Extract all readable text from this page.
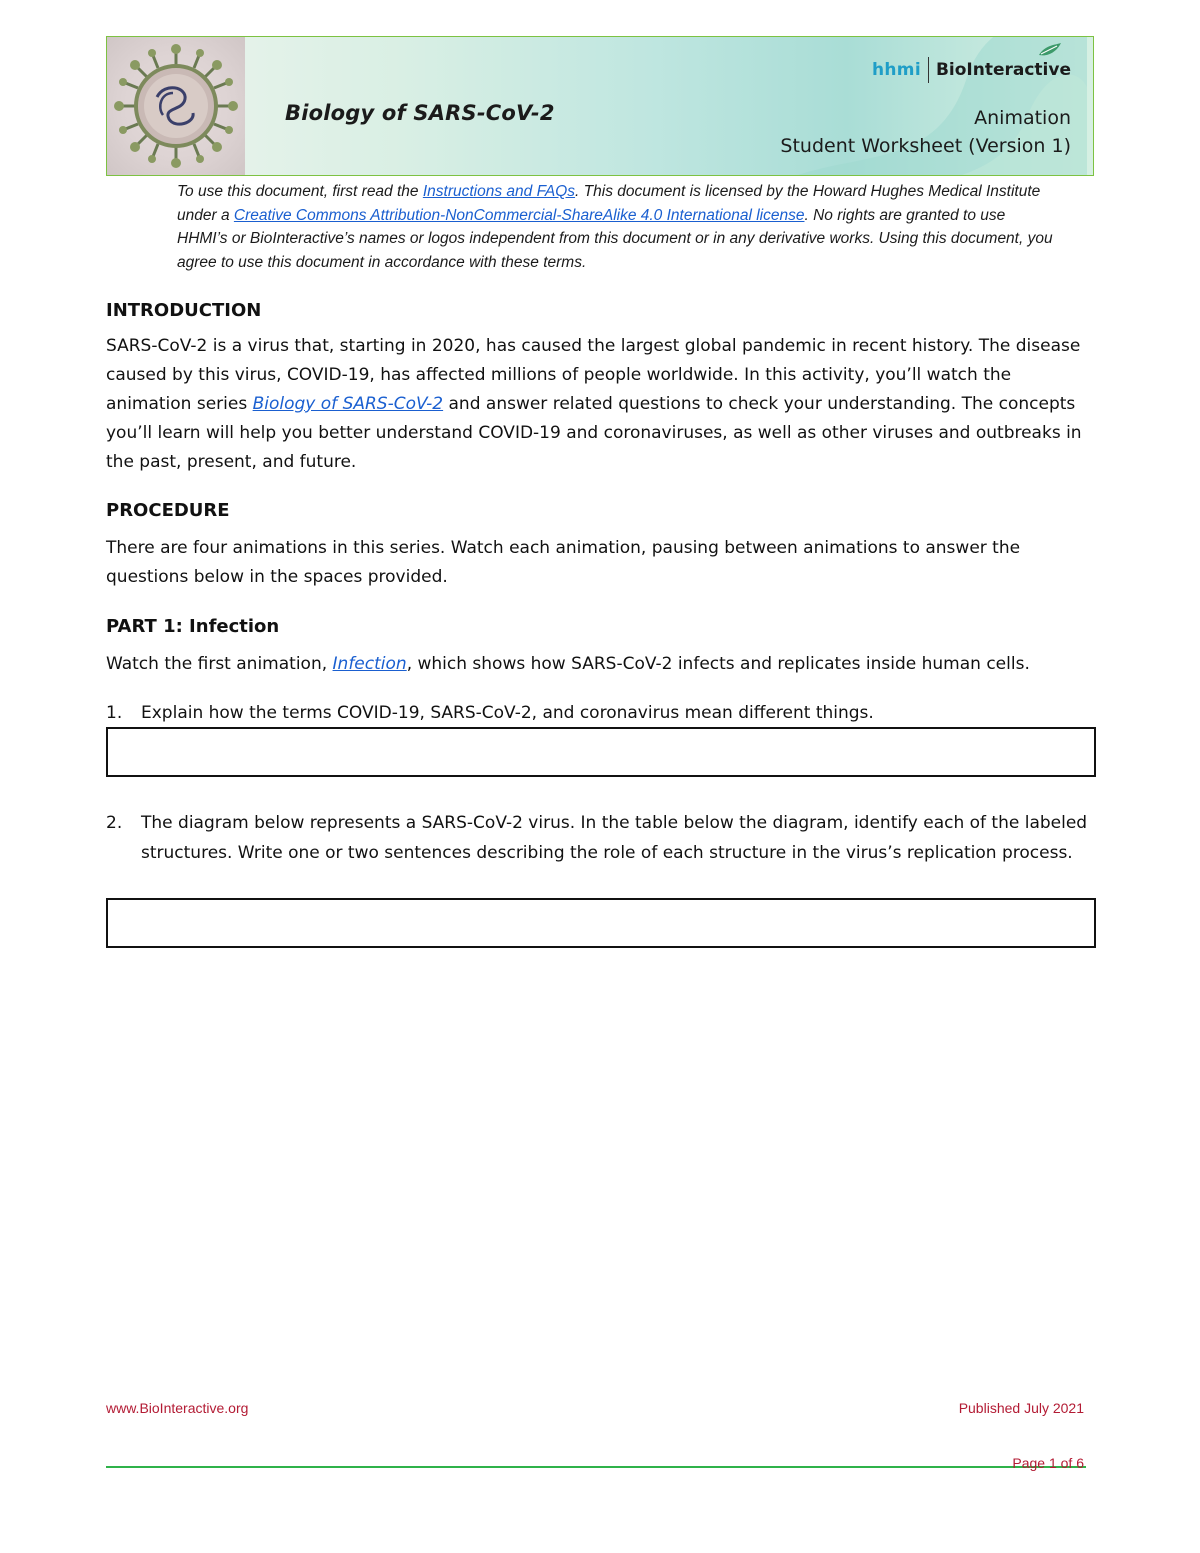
Biology of SARS-CoV-2
hhmi BioInteractive
Animation
Student Worksheet (Version 1)
To use this document, first read the Instructions and FAQs. This document is licensed by the Howard Hughes Medical Institute under a Creative Commons Attribution-NonCommercial-ShareAlike 4.0 International license. No rights are granted to use HHMI’s or BioInteractive’s names or logos independent from this document or in any derivative works. Using this document, you agree to use this document in accordance with these terms.
INTRODUCTION
SARS-CoV-2 is a virus that, starting in 2020, has caused the largest global pandemic in recent history. The disease caused by this virus, COVID-19, has affected millions of people worldwide. In this activity, you’ll watch the animation series Biology of SARS-CoV-2 and answer related questions to check your understanding. The concepts you’ll learn will help you better understand COVID-19 and coronaviruses, as well as other viruses and outbreaks in the past, present, and future.
PROCEDURE
There are four animations in this series. Watch each animation, pausing between animations to answer the questions below in the spaces provided.
PART 1: Infection
Watch the first animation, Infection, which shows how SARS-CoV-2 infects and replicates inside human cells.
1.	Explain how the terms COVID-19, SARS-CoV-2, and coronavirus mean different things.
2.	The diagram below represents a SARS-CoV-2 virus. In the table below the diagram, identify each of the labeled structures. Write one or two sentences describing the role of each structure in the virus’s replication process.
www.BioInteractive.org	Published July 2021
Page 1 of 6
